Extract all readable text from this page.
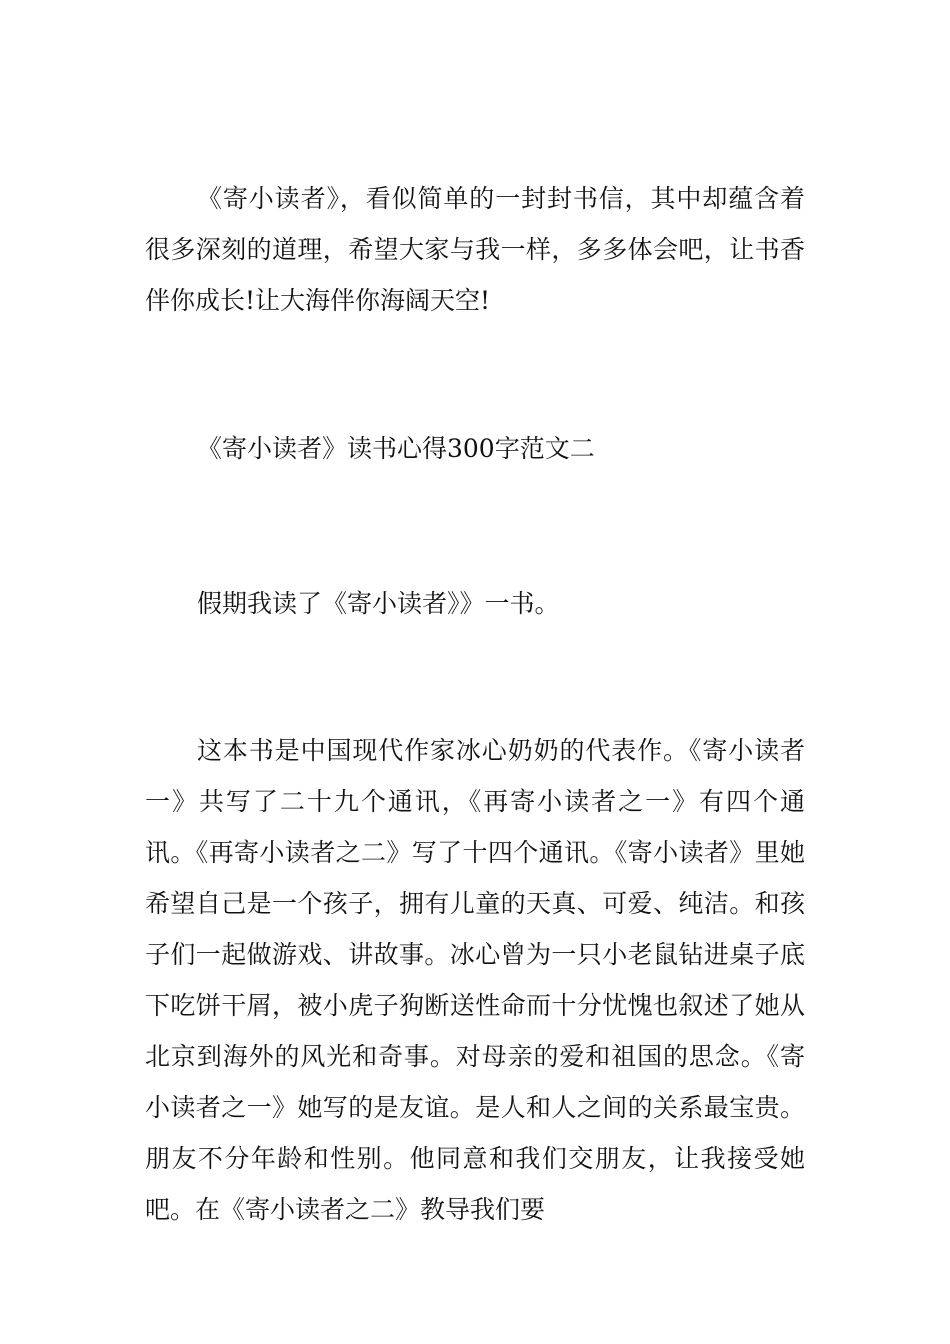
《寄小读者》，看似简单的一封封书信，其中却蕴含着很多深刻的道理，希望大家与我一样，多多体会吧，让书香伴你成长!让大海伴你海阔天空!

《寄小读者》读书心得300字范文二

假期我读了《寄小读者》》一书。

这本书是中国现代作家冰心奶奶的代表作。《寄小读者一》共写了二十九个通讯，《再寄小读者之一》有四个通讯。《再寄小读者之二》写了十四个通讯。《寄小读者》里她希望自己是一个孩子，拥有儿童的天真、可爱、纯洁。和孩子们一起做游戏、讲故事。冰心曾为一只小老鼠钻进桌子底下吃饼干屑，被小虎子狗断送性命而十分忧愧也叙述了她从北京到海外的风光和奇事。对母亲的爱和祖国的思念。《寄小读者之一》她写的是友谊。是人和人之间的关系最宝贵。朋友不分年龄和性别。他同意和我们交朋友，让我接受她吧。在《寄小读者之二》教导我们要
